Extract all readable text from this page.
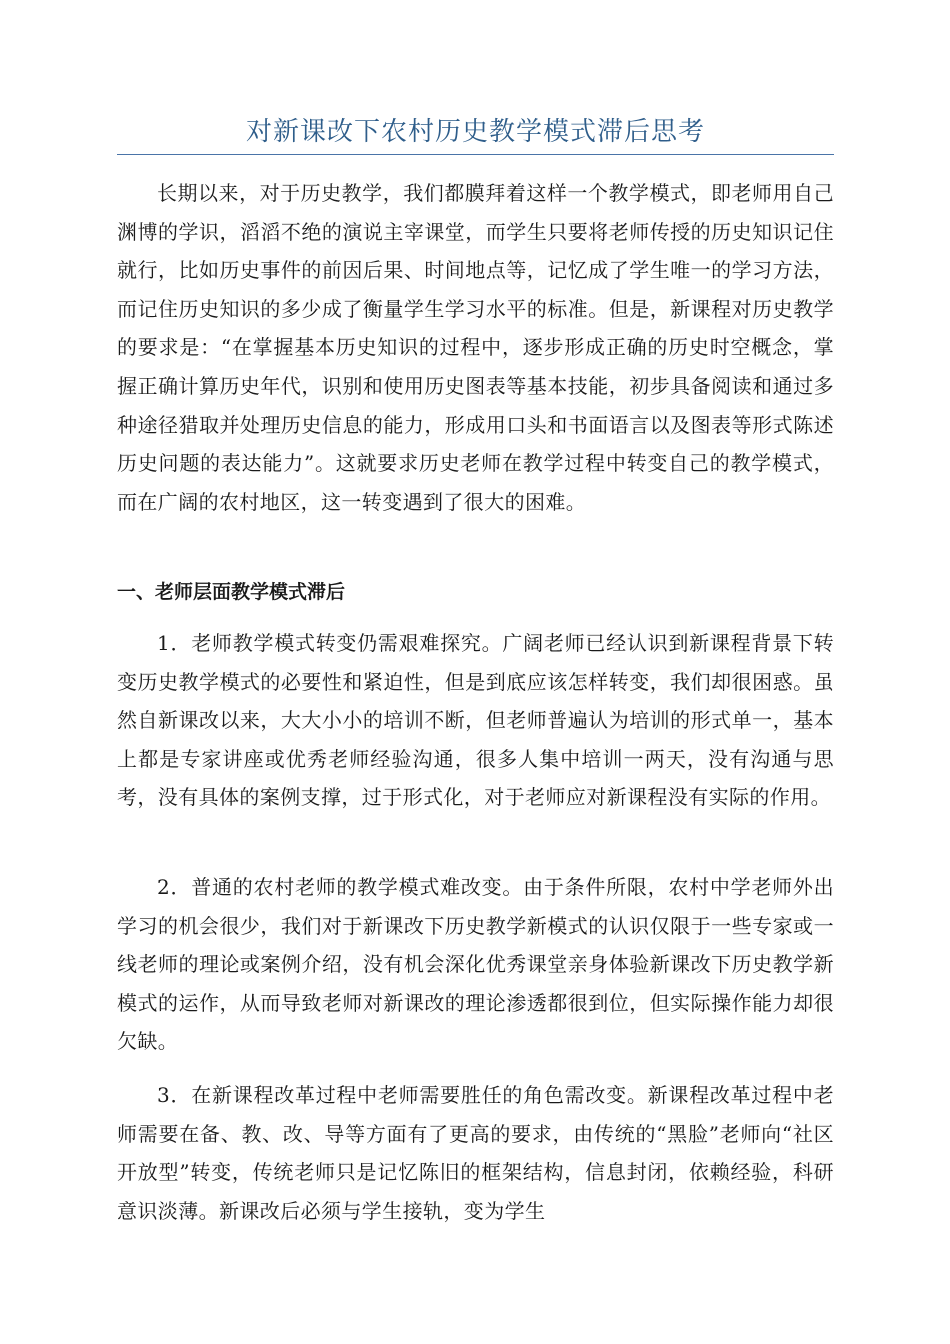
对新课改下农村历史教学模式滞后思考

长期以来，对于历史教学，我们都膜拜着这样一个教学模式，即老师用自己渊博的学识，滔滔不绝的演说主宰课堂，而学生只要将老师传授的历史知识记住就行，比如历史事件的前因后果、时间地点等，记忆成了学生唯一的学习方法，而记住历史知识的多少成了衡量学生学习水平的标准。但是，新课程对历史教学的要求是：“在掌握基本历史知识的过程中，逐步形成正确的历史时空概念，掌握正确计算历史年代，识别和使用历史图表等基本技能，初步具备阅读和通过多种途径猎取并处理历史信息的能力，形成用口头和书面语言以及图表等形式陈述历史问题的表达能力”。这就要求历史老师在教学过程中转变自己的教学模式，而在广阔的农村地区，这一转变遇到了很大的困难。

一、老师层面教学模式滞后

1．老师教学模式转变仍需艰难探究。广阔老师已经认识到新课程背景下转变历史教学模式的必要性和紧迫性，但是到底应该怎样转变，我们却很困惑。虽然自新课改以来，大大小小的培训不断，但老师普遍认为培训的形式单一，基本上都是专家讲座或优秀老师经验沟通，很多人集中培训一两天，没有沟通与思考，没有具体的案例支撑，过于形式化，对于老师应对新课程没有实际的作用。

2．普通的农村老师的教学模式难改变。由于条件所限，农村中学老师外出学习的机会很少，我们对于新课改下历史教学新模式的认识仅限于一些专家或一线老师的理论或案例介绍，没有机会深化优秀课堂亲身体验新课改下历史教学新模式的运作，从而导致老师对新课改的理论渗透都很到位，但实际操作能力却很欠缺。

3．在新课程改革过程中老师需要胜任的角色需改变。新课程改革过程中老师需要在备、教、改、导等方面有了更高的要求，由传统的“黑脸”老师向“社区开放型”转变，传统老师只是记忆陈旧的框架结构，信息封闭，依赖经验，科研意识淡薄。新课改后必须与学生接轨，变为学生
